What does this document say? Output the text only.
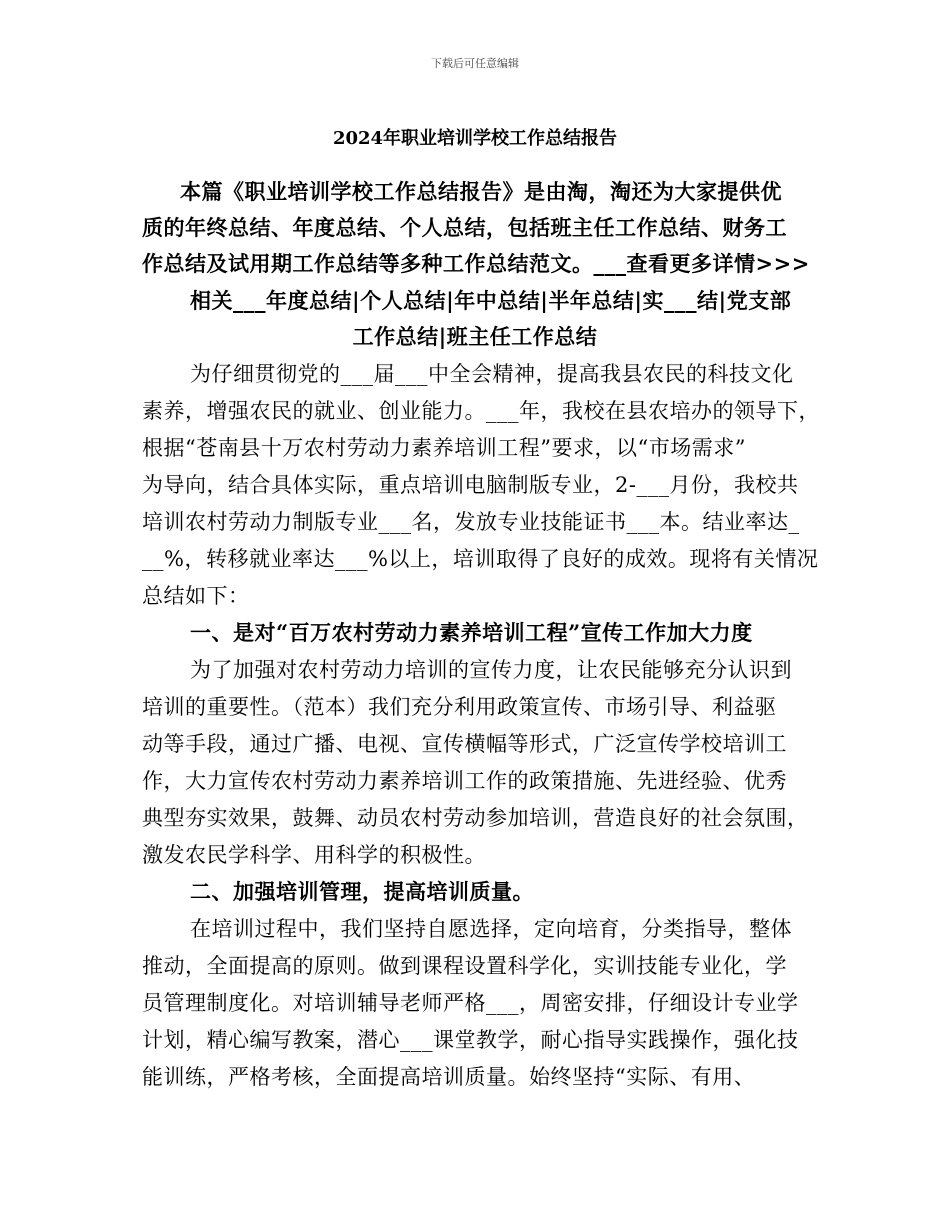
下载后可任意编辑
2024年职业培训学校工作总结报告
本篇《职业培训学校工作总结报告》是由淘，淘还为大家提供优
质的年终总结、年度总结、个人总结，包括班主任工作总结、财务工
作总结及试用期工作总结等多种工作总结范文。___查看更多详情>>>
相关___年度总结|个人总结|年中总结|半年总结|实___结|党支部
工作总结|班主任工作总结
为仔细贯彻党的___届___中全会精神，提高我县农民的科技文化
素养，增强农民的就业、创业能力。___年，我校在县农培办的领导下，
根据“苍南县十万农村劳动力素养培训工程”要求，以“市场需求”
为导向，结合具体实际，重点培训电脑制版专业，2-___月份，我校共
培训农村劳动力制版专业___名，发放专业技能证书___本。结业率达_
__%，转移就业率达___%以上，培训取得了良好的成效。现将有关情况
总结如下：
一、是对“百万农村劳动力素养培训工程”宣传工作加大力度
为了加强对农村劳动力培训的宣传力度，让农民能够充分认识到
培训的重要性。（范本）我们充分利用政策宣传、市场引导、利益驱
动等手段，通过广播、电视、宣传横幅等形式，广泛宣传学校培训工
作，大力宣传农村劳动力素养培训工作的政策措施、先进经验、优秀
典型夯实效果，鼓舞、动员农村劳动参加培训，营造良好的社会氛围，
激发农民学科学、用科学的积极性。
二、加强培训管理，提高培训质量。
在培训过程中，我们坚持自愿选择，定向培育，分类指导，整体
推动，全面提高的原则。做到课程设置科学化，实训技能专业化，学
员管理制度化。对培训辅导老师严格___，周密安排，仔细设计专业学
计划，精心编写教案，潜心___课堂教学，耐心指导实践操作，强化技
能训练，严格考核，全面提高培训质量。始终坚持“实际、有用、
